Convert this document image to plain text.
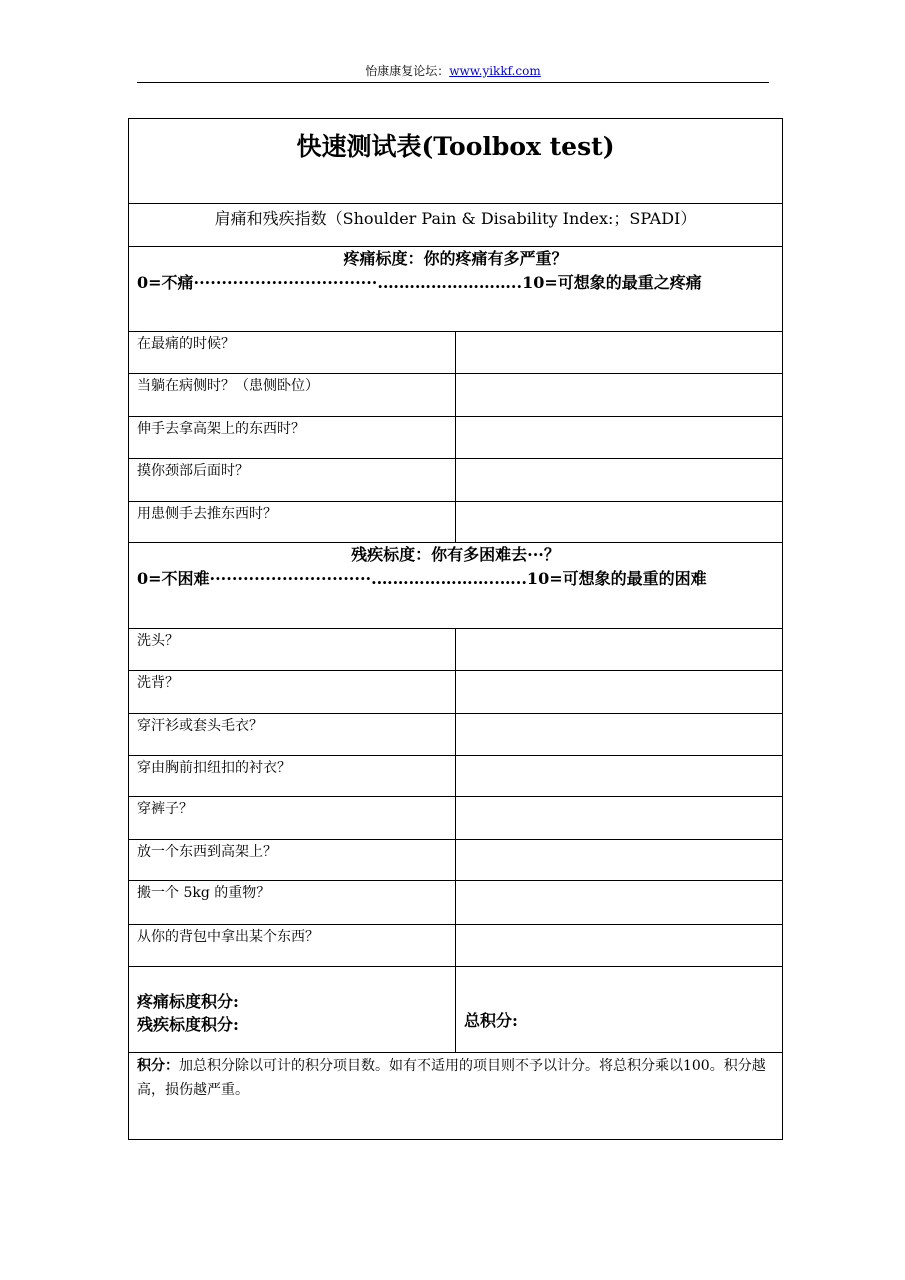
怡康康复论坛：www.yikkf.com
快速测试表(Toolbox test)	
肩痛和残疾指数（Shoulder Pain & Disability Index:；SPADI）	

疼痛标度：你的疼痛有多严重？
0=不痛·································.……………………..10=可想象的最重之疼痛	

在最痛的时候？	
当躺在病侧时？（患侧卧位）	
伸手去拿高架上的东西时？	
摸你颈部后面时？	
用患侧手去推东西时？	

残疾标度：你有多困难去···？
0=不困难·····························.…………………..…..10=可想象的最重的困难	

洗头？	
洗背？	
穿汗衫或套头毛衣？	
穿由胸前扣纽扣的衬衣？	
穿裤子？	
放一个东西到高架上？	
搬一个 5kg 的重物？	
从你的背包中拿出某个东西？	

疼痛标度积分:
残疾标度积分:	总积分:

积分：加总积分除以可计的积分项目数。如有不适用的项目则不予以计分。将总积分乘以100。积分越高，损伤越严重。	
